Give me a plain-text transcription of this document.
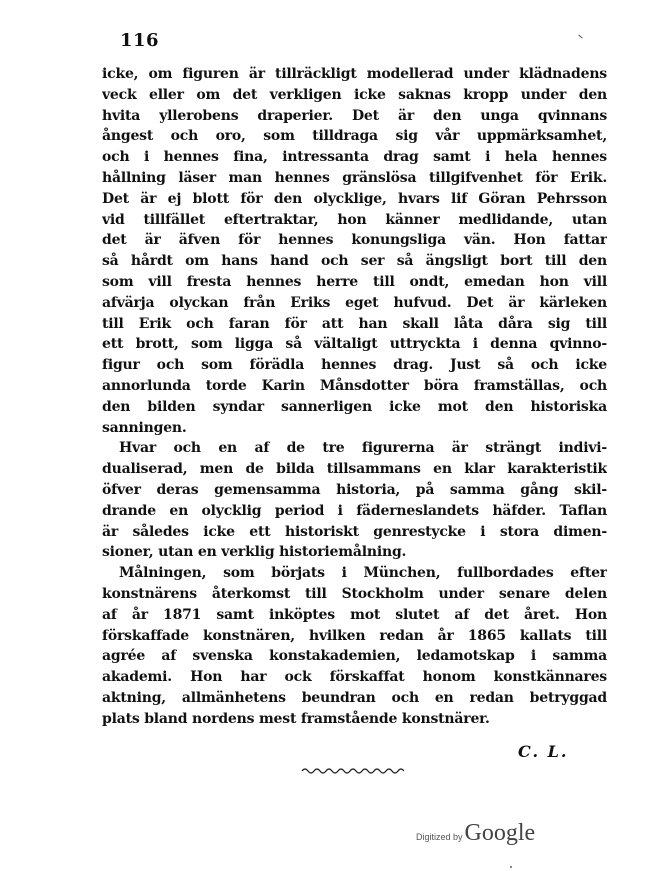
116
icke, om figuren är tillräckligt modellerad under klädnadens
veck eller om det verkligen icke saknas kropp under den
hvita yllerobens draperier. Det är den unga qvinnans
ångest och oro, som tilldraga sig vår uppmärksamhet,
och i hennes fina, intressanta drag samt i hela hennes
hållning läser man hennes gränslösa tillgifvenhet för Erik.
Det är ej blott för den olycklige, hvars lif Göran Pehrsson
vid tillfället eftertraktar, hon känner medlidande, utan
det är äfven för hennes konungsliga vän. Hon fattar
så hårdt om hans hand och ser så ängsligt bort till den
som vill fresta hennes herre till ondt, emedan hon vill
afvärja olyckan från Eriks eget hufvud. Det är kärleken
till Erik och faran för att han skall låta dåra sig till
ett brott, som ligga så vältaligt uttryckta i denna qvinno-
figur och som förädla hennes drag. Just så och icke
annorlunda torde Karin Månsdotter böra framställas, och
den bilden syndar sannerligen icke mot den historiska
sanningen.
Hvar och en af de tre figurerna är strängt indivi-
dualiserad, men de bilda tillsammans en klar karakteristik
öfver deras gemensamma historia, på samma gång skil-
drande en olycklig period i fäderneslandets häfder. Taflan
är således icke ett historiskt genrestycke i stora dimen-
sioner, utan en verklig historiemålning.
Målningen, som börjats i München, fullbordades efter
konstnärens återkomst till Stockholm under senare delen
af år 1871 samt inköptes mot slutet af det året. Hon
förskaffade konstnären, hvilken redan år 1865 kallats till
agrée af svenska konstakademien, ledamotskap i samma
akademi. Hon har ock förskaffat honom konstkännares
aktning, allmänhetens beundran och en redan betryggad
plats bland nordens mest framstående konstnärer.
C. L.
Digitized by Google
